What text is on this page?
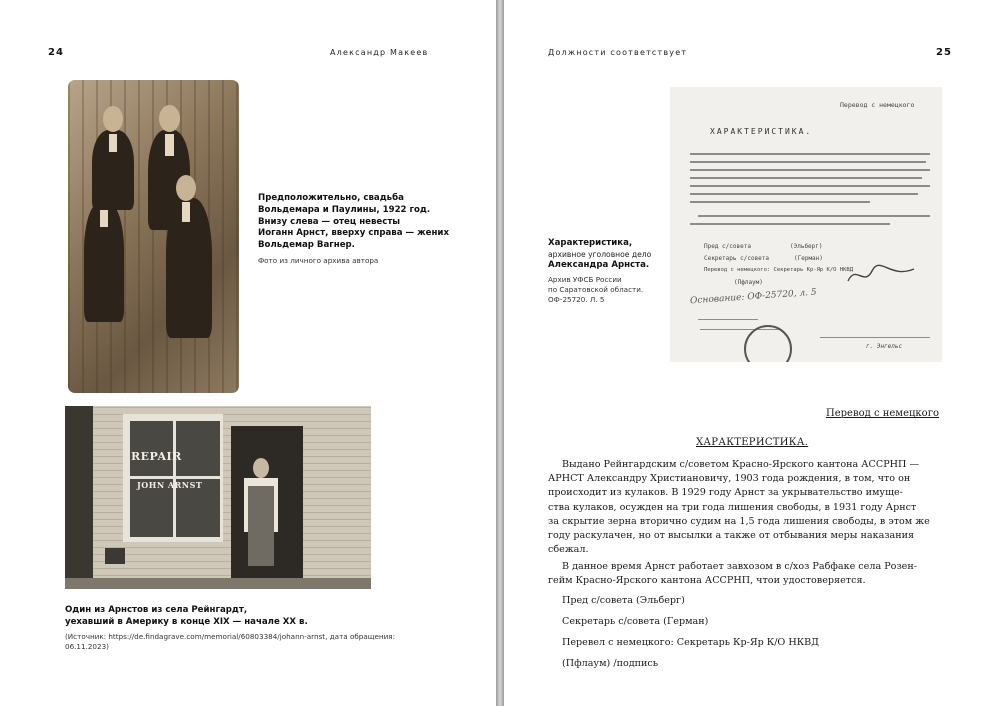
24	Александр Макеев
Предположительно, свадьба
Вольдемара и Паулины, 1922 год.
Внизу слева — отец невесты
Иоганн Арнст, вверху справа — жених
Вольдемар Вагнер.
Фото из личного архива автора
REPAIR
JOHN ARNST
Один из Арнстов из села Рейнгардт,
уехавший в Америку в конце XIX — начале XX в.
(Источник: https://de.findagrave.com/memorial/60803384/johann-arnst, дата обращения:
06.11.2023)
Должности соответствует	25
Характеристика,
архивное уголовное дело
Александра Арнста.
Архив УФСБ России
по Саратовской области.
ОФ-25720. Л. 5
Перевод с немецкого
ХАРАКТЕРИСТИКА.
Пред с/совета	(Эльберг)
Секретарь с/совета	(Герман)
Перевод с немецкого: Секретарь Кр-Яр К/О НКВД
(Пфлаум)
Основание: ОФ-25720, л. 5
г. Энгельс
Перевод с немецкого
ХАРАКТЕРИСТИКА.
Выдано Рейнгардским с/советом Красно-Ярского кантона АССРНП —
АРНСТ Александру Христиановичу, 1903 года рождения, в том, что он
происходит из кулаков. В 1929 году Арнст за укрывательство имуще-
ства кулаков, осужден на три года лишения свободы, в 1931 году Арнст
за скрытие зерна вторично судим на 1,5 года лишения свободы, в этом же
году раскулачен, но от высылки а также от отбывания меры наказания
сбежал.
В данное время Арнст работает завхозом в с/хоз Рабфаке села Розен-
гейм Красно-Ярского кантона АССРНП, чтои удостоверяется.
Пред с/совета (Эльберг)
Секретарь с/совета (Герман)
Перевел с немецкого: Секретарь Кр-Яр К/О НКВД
(Пфлаум) /подпись
